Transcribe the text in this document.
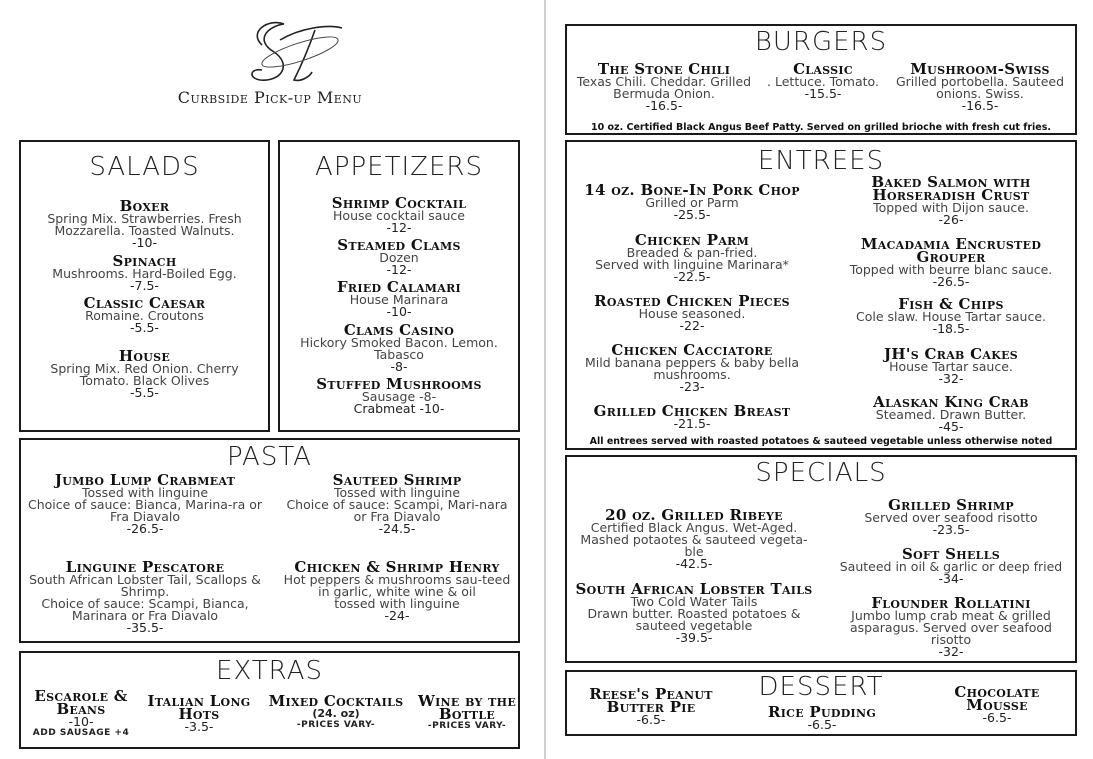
Curbside Pick-up Menu
SALADS
Boxer
Spring Mix. Strawberries. Fresh Mozzarella. Toasted Walnuts.
-10-
Spinach
Mushrooms. Hard-Boiled Egg.
-7.5-
Classic Caesar
Romaine. Croutons
-5.5-
House
Spring Mix. Red Onion. Cherry Tomato. Black Olives
-5.5-
APPETIZERS
Shrimp Cocktail
House cocktail sauce
-12-
Steamed Clams
Dozen
-12-
Fried Calamari
House Marinara
-10-
Clams Casino
Hickory Smoked Bacon. Lemon. Tabasco
-8-
Stuffed Mushrooms
Sausage -8-
Crabmeat -10-
PASTA
Jumbo Lump Crabmeat
Tossed with linguine
Choice of sauce: Bianca, Marina-ra or Fra Diavalo
-26.5-
Sauteed Shrimp
Tossed with linguine
Choice of sauce: Scampi, Mari-nara or Fra Diavalo
-24.5-
Linguine Pescatore
South African Lobster Tail, Scallops & Shrimp.
Choice of sauce: Scampi, Bianca, Marinara or Fra Diavalo
-35.5-
Chicken & Shrimp Henry
Hot peppers & mushrooms sau-teed in garlic, white wine & oil
tossed with linguine
-24-
EXTRAS
Escarole & Beans
-10-
ADD SAUSAGE +4
Italian Long Hots
-3.5-
Mixed Cocktails
(24. oz)
-PRICES VARY-
Wine by the Bottle
-PRICES VARY-
BURGERS
The Stone Chili
Texas Chili. Cheddar. Grilled Bermuda Onion.
-16.5-
Classic
. Lettuce. Tomato.
-15.5-
Mushroom-Swiss
Grilled portobella. Sauteed onions. Swiss.
-16.5-
10 oz. Certified Black Angus Beef Patty. Served on grilled brioche with fresh cut fries.
ENTREES
14 oz. Bone-In Pork Chop
Grilled or Parm
-25.5-
Chicken Parm
Breaded & pan-fried.
Served with linguine Marinara*
-22.5-
Roasted Chicken Pieces
House seasoned.
-22-
Chicken Cacciatore
Mild banana peppers & baby bella mushrooms.
-23-
Grilled Chicken Breast
-21.5-
Baked Salmon with Horseradish Crust
Topped with Dijon sauce.
-26-
Macadamia Encrusted Grouper
Topped with beurre blanc sauce.
-26.5-
Fish & Chips
Cole slaw. House Tartar sauce.
-18.5-
JH's Crab Cakes
House Tartar sauce.
-32-
Alaskan King Crab
Steamed. Drawn Butter.
-45-
All entrees served with roasted potatoes & sauteed vegetable unless otherwise noted
SPECIALS
20 oz. Grilled Ribeye
Certified Black Angus. Wet-Aged.
Mashed potaotes & sauteed vegeta-ble
-42.5-
South African Lobster Tails
Two Cold Water Tails
Drawn butter. Roasted potatoes & sauteed vegetable
-39.5-
Grilled Shrimp
Served over seafood risotto
-23.5-
Soft Shells
Sauteed in oil & garlic or deep fried
-34-
Flounder Rollatini
Jumbo lump crab meat & grilled asparagus. Served over seafood risotto
-32-
DESSERT
Reese's Peanut Butter Pie
-6.5-	Rice Pudding
-6.5-
Chocolate Mousse
-6.5-
